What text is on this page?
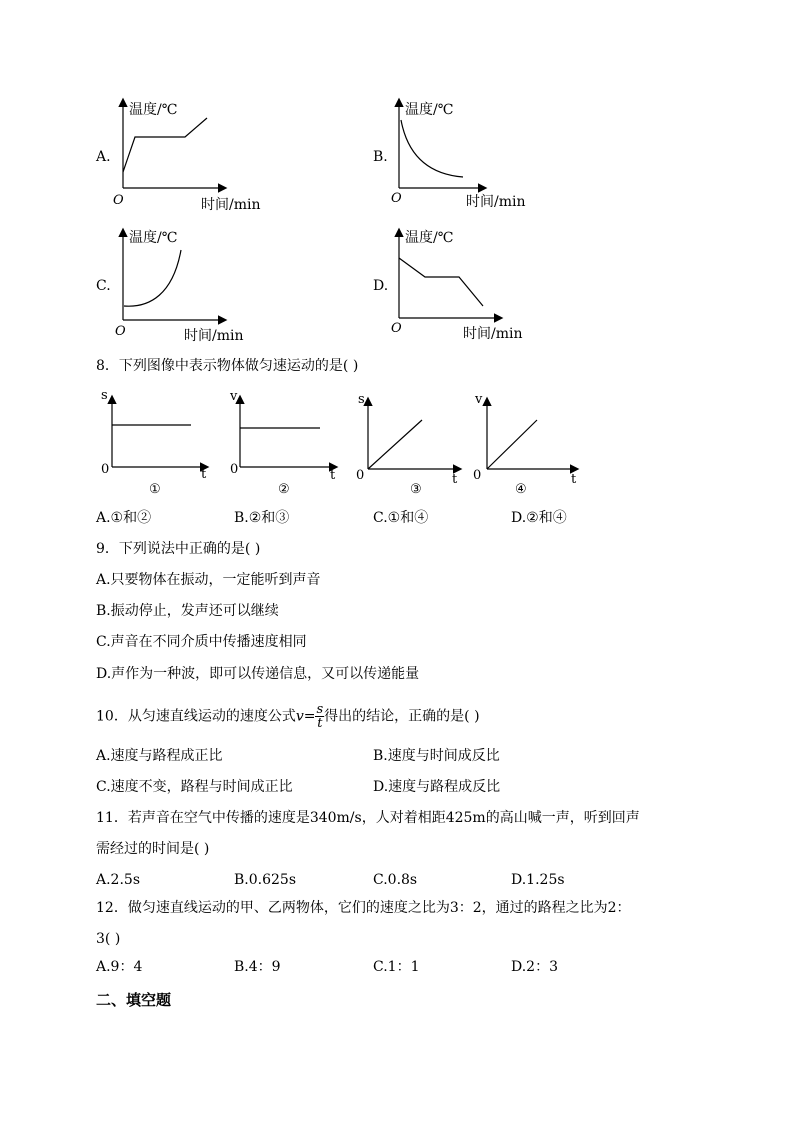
A.	B.
C.	D.
温度/℃
O	时间/min
温度/℃
O	时间/min
温度/℃
O	时间/min
温度/℃
O	时间/min
8．下列图像中表示物体做匀速运动的是( )
s
0	t
①
v
0	t
②
s
0	t
③
v
0	t
④
A.①和②	B.②和③	C.①和④	D.②和④
9．下列说法中正确的是( )
A.只要物体在振动，一定能听到声音
B.振动停止，发声还可以继续
C.声音在不同介质中传播速度相同
D.声作为一种波，即可以传递信息，又可以传递能量
10．从匀速直线运动的速度公式$v= \frac{s}{t}$ 得出的结论，正确的是( )
A.速度与路程成正比	B.速度与时间成反比
C.速度不变，路程与时间成正比	D.速度与路程成反比
11．若声音在空气中传播的速度是340m/s，人对着相距425m的高山喊一声，听到回声
需经过的时间是( )
A.2.5s	B.0.625s	C.0.8s	D.1.25s
12．做匀速直线运动的甲、乙两物体，它们的速度之比为3：2，通过的路程之比为2：
3( )
A.9：4	B.4：9	C.1：1	D.2：3
二、填空题
